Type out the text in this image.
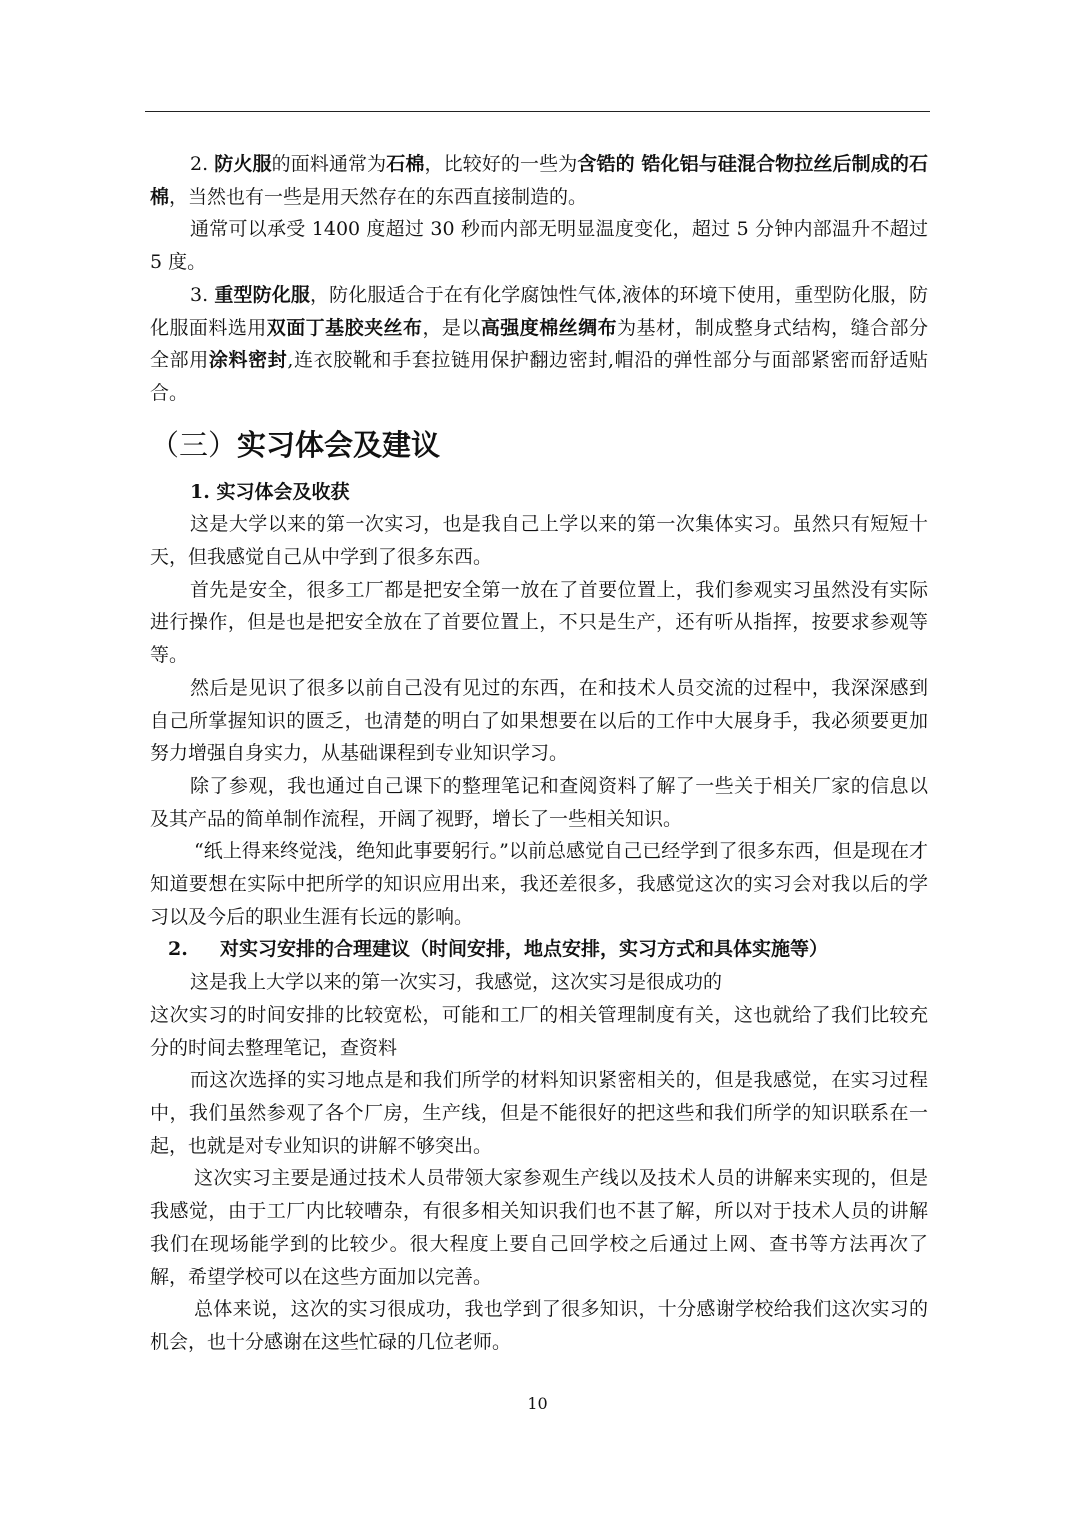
2. 防火服的面料通常为石棉，比较好的一些为含锆的 锆化铝与硅混合物拉丝后制成的石棉，当然也有一些是用天然存在的东西直接制造的。

通常可以承受 1400 度超过 30 秒而内部无明显温度变化，超过 5 分钟内部温升不超过 5 度。

3. 重型防化服，防化服适合于在有化学腐蚀性气体,液体的环境下使用，重型防化服，防化服面料选用双面丁基胶夹丝布，是以高强度棉丝绸布为基材，制成整身式结构，缝合部分全部用涂料密封,连衣胶靴和手套拉链用保护翻边密封,帽沿的弹性部分与面部紧密而舒适贴合。

（三）实习体会及建议

1. 实习体会及收获

这是大学以来的第一次实习，也是我自己上学以来的第一次集体实习。虽然只有短短十天，但我感觉自己从中学到了很多东西。

首先是安全，很多工厂都是把安全第一放在了首要位置上，我们参观实习虽然没有实际进行操作，但是也是把安全放在了首要位置上，不只是生产，还有听从指挥，按要求参观等等。

然后是见识了很多以前自己没有见过的东西，在和技术人员交流的过程中，我深深感到自己所掌握知识的匮乏，也清楚的明白了如果想要在以后的工作中大展身手，我必须要更加努力增强自身实力，从基础课程到专业知识学习。

除了参观，我也通过自己课下的整理笔记和查阅资料了解了一些关于相关厂家的信息以及其产品的简单制作流程，开阔了视野，增长了一些相关知识。

“纸上得来终觉浅，绝知此事要躬行。”以前总感觉自己已经学到了很多东西，但是现在才知道要想在实际中把所学的知识应用出来，我还差很多，我感觉这次的实习会对我以后的学习以及今后的职业生涯有长远的影响。

2. 对实习安排的合理建议（时间安排，地点安排，实习方式和具体实施等）

这是我上大学以来的第一次实习，我感觉，这次实习是很成功的

这次实习的时间安排的比较宽松，可能和工厂的相关管理制度有关，这也就给了我们比较充分的时间去整理笔记，查资料

而这次选择的实习地点是和我们所学的材料知识紧密相关的，但是我感觉，在实习过程中，我们虽然参观了各个厂房，生产线，但是不能很好的把这些和我们所学的知识联系在一起，也就是对专业知识的讲解不够突出。

这次实习主要是通过技术人员带领大家参观生产线以及技术人员的讲解来实现的，但是我感觉，由于工厂内比较嘈杂，有很多相关知识我们也不甚了解，所以对于技术人员的讲解我们在现场能学到的比较少。很大程度上要自己回学校之后通过上网、查书等方法再次了解，希望学校可以在这些方面加以完善。

总体来说，这次的实习很成功，我也学到了很多知识，十分感谢学校给我们这次实习的机会，也十分感谢在这些忙碌的几位老师。

10
